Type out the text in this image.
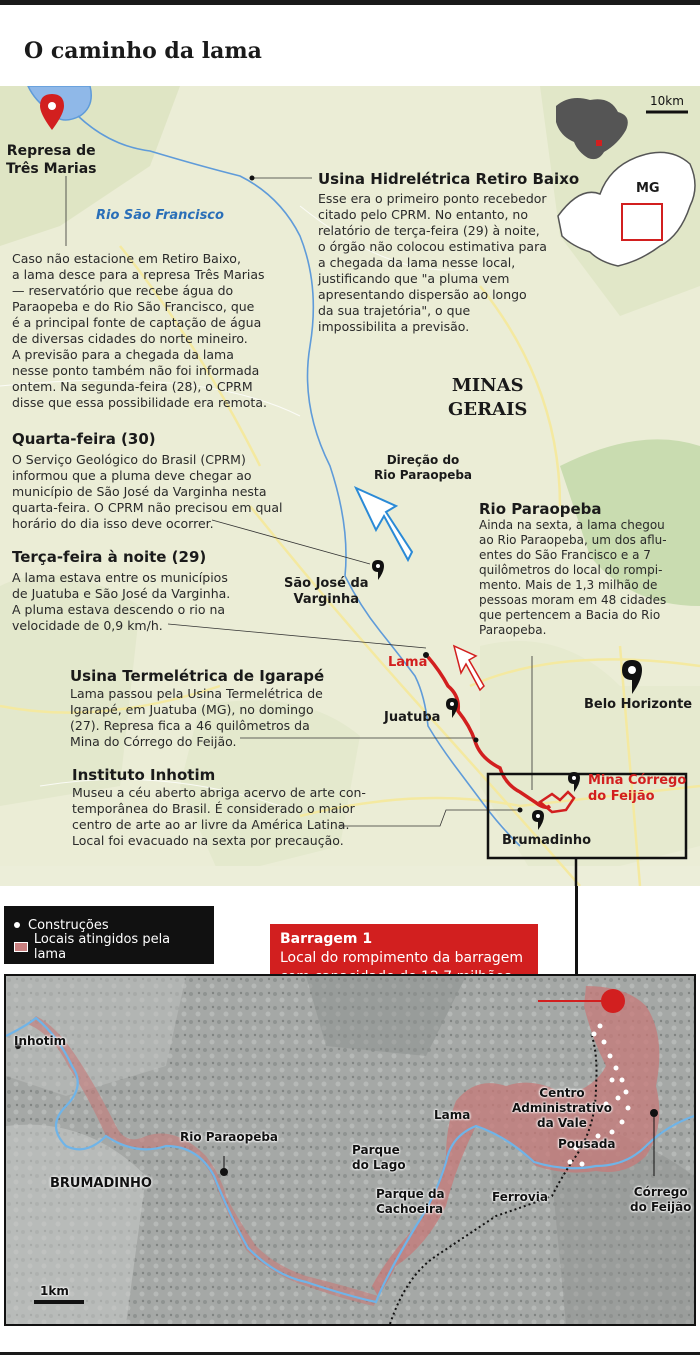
O caminho da lama
Represa de
Três Marias
Rio São Francisco
Caso não estacione em Retiro Baixo,
a lama desce para a represa Três Marias
— reservatório que recebe água do
Paraopeba e do Rio São Francisco, que
é a principal fonte de captação de água
de diversas cidades do norte mineiro.
A previsão para a chegada da lama
nesse ponto também não foi informada
ontem. Na segunda-feira (28), o CPRM
disse que essa possibilidade era remota.
Usina Hidrelétrica Retiro Baixo
Esse era o primeiro ponto recebedor
citado pelo CPRM. No entanto, no
relatório de terça-feira (29) à noite,
o órgão não colocou estimativa para
a chegada da lama nesse local,
justificando que "a pluma vem
apresentando dispersão ao longo
da sua trajetória", o que
impossibilita a previsão.
10km
MG
MINAS
GERAIS
Quarta-feira (30)
O Serviço Geológico do Brasil (CPRM)
informou que a pluma deve chegar ao
município de São José da Varginha nesta
quarta-feira. O CPRM não precisou em qual
horário do dia isso deve ocorrer.
Direção do
Rio Paraopeba
Rio Paraopeba
Ainda na sexta, a lama chegou
ao Rio Paraopeba, um dos aflu-
entes do São Francisco e a 7
quilômetros do local do rompi-
mento. Mais de 1,3 milhão de
pessoas moram em 48 cidades
que pertencem a Bacia do Rio
Paraopeba.
Terça-feira à noite (29)
A lama estava entre os municípios
de Juatuba e São José da Varginha.
A pluma estava descendo o rio na
velocidade de 0,9 km/h.
São José da
Varginha
Lama
Juatuba
Belo Horizonte
Usina Termelétrica de Igarapé
Lama passou pela Usina Termelétrica de
Igarapé, em Juatuba (MG), no domingo
(27). Represa fica a 46 quilômetros da
Mina do Córrego do Feijão.
Mina Córrego
do Feijão
Brumadinho
Instituto Inhotim
Museu a céu aberto abriga acervo de arte con-
temporânea do Brasil. É considerado o maior
centro de arte ao ar livre da América Latina.
Local foi evacuado na sexta por precaução.
Construções
Locais atingidos pela lama
Barragem 1
Local do rompimento da barragem
Inhotim
Rio Paraopeba
BRUMADINHO
Parque
do Lago
Parque da
Cachoeira
Lama
Centro
Administrativo
da Vale
Pousada
Ferrovia	Córrego
do Feijão
1km
